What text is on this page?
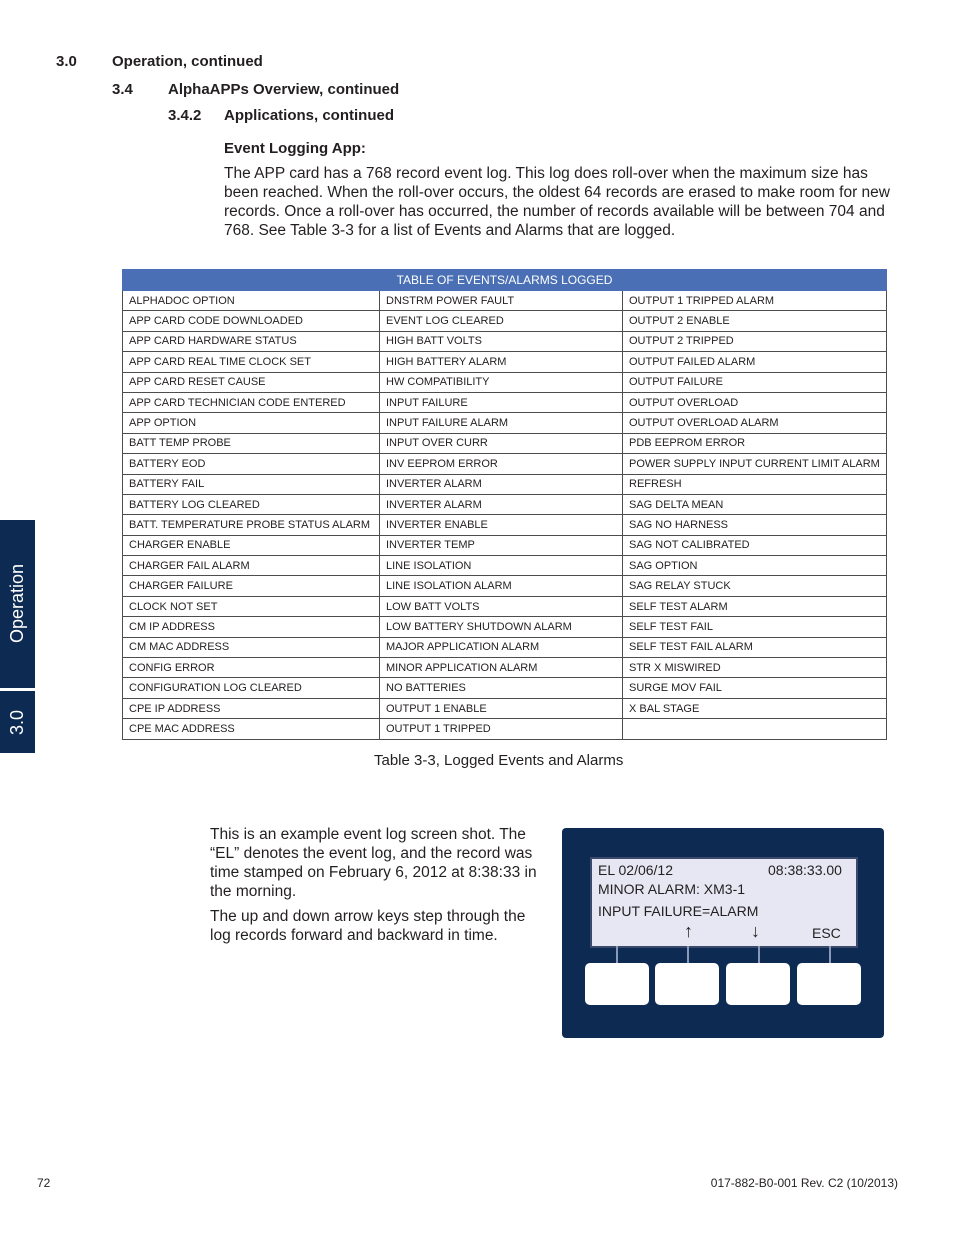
3.0 Operation, continued
3.4 AlphaAPPs Overview, continued
3.4.2 Applications, continued
Event Logging App:
The APP card has a 768 record event log. This log does roll-over when the maximum size has been reached. When the roll-over occurs, the oldest 64 records are erased to make room for new records. Once a roll-over has occurred, the number of records available will be between 704 and 768. See Table 3-3 for a list of Events and Alarms that are logged.
Operation
3.0
TABLE OF EVENTS/ALARMS LOGGED		
ALPHADOC OPTION	DNSTRM POWER FAULT	OUTPUT 1 TRIPPED ALARM
APP CARD CODE DOWNLOADED	EVENT LOG CLEARED	OUTPUT 2 ENABLE
APP CARD HARDWARE STATUS	HIGH BATT VOLTS	OUTPUT 2 TRIPPED
APP CARD REAL TIME CLOCK SET	HIGH BATTERY ALARM	OUTPUT FAILED ALARM
APP CARD RESET CAUSE	HW COMPATIBILITY	OUTPUT FAILURE
APP CARD TECHNICIAN CODE ENTERED	INPUT FAILURE	OUTPUT OVERLOAD
APP OPTION	INPUT FAILURE ALARM	OUTPUT OVERLOAD ALARM
BATT TEMP PROBE	INPUT OVER CURR	PDB EEPROM ERROR
BATTERY EOD	INV EEPROM ERROR	POWER SUPPLY INPUT CURRENT LIMIT ALARM
BATTERY FAIL	INVERTER ALARM	REFRESH
BATTERY LOG CLEARED	INVERTER ALARM	SAG DELTA MEAN
BATT. TEMPERATURE PROBE STATUS ALARM	INVERTER ENABLE	SAG NO HARNESS
CHARGER ENABLE	INVERTER TEMP	SAG NOT CALIBRATED
CHARGER FAIL ALARM	LINE ISOLATION	SAG OPTION
CHARGER FAILURE	LINE ISOLATION ALARM	SAG RELAY STUCK
CLOCK NOT SET	LOW BATT VOLTS	SELF TEST ALARM
CM IP ADDRESS	LOW BATTERY SHUTDOWN ALARM	SELF TEST FAIL
CM MAC ADDRESS	MAJOR APPLICATION ALARM	SELF TEST FAIL ALARM
CONFIG ERROR	MINOR APPLICATION ALARM	STR X MISWIRED
CONFIGURATION LOG CLEARED	NO BATTERIES	SURGE MOV FAIL
CPE IP ADDRESS	OUTPUT 1 ENABLE	X BAL STAGE
CPE MAC ADDRESS	OUTPUT 1 TRIPPED	
Table 3-3, Logged Events and Alarms
This is an example event log screen shot. The “EL” denotes the event log, and the record was time stamped on February 6, 2012 at 8:38:33 in the morning.
The up and down arrow keys step through the log records forward and backward in time.
EL 02/06/12	08:38:33.00
MINOR ALARM: XM3-1
INPUT FAILURE=ALARM
↑	↓	ESC
72	017-882-B0-001 Rev. C2 (10/2013)
